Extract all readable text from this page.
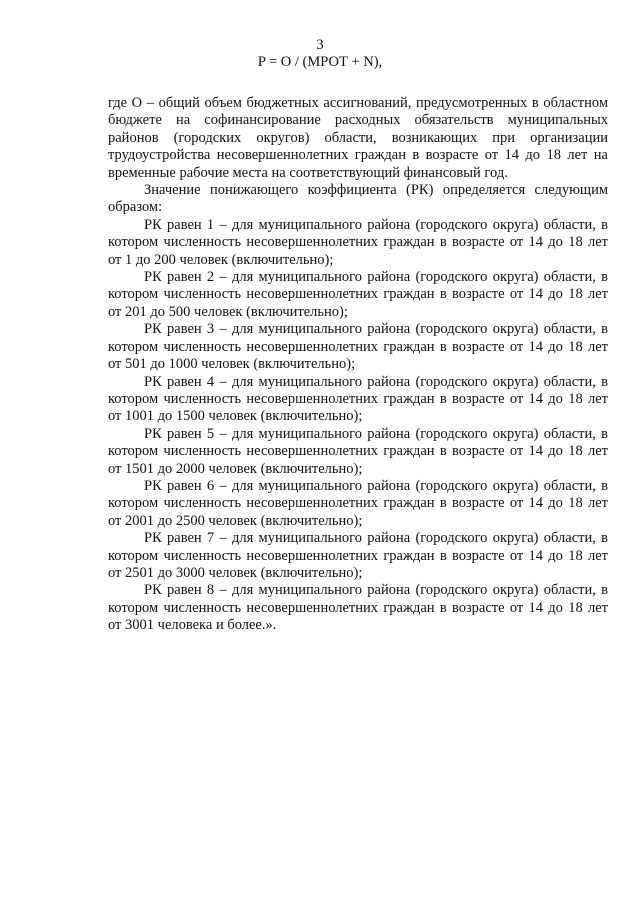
3
P = O / (МРОТ + N),

где О – общий объем бюджетных ассигнований, предусмотренных в областном бюджете на софинансирование расходных обязательств муниципальных районов (городских округов) области, возникающих при организации трудоустройства несовершеннолетних граждан в возрасте от 14 до 18 лет на временные рабочие места на соответствующий финансовый год.

Значение понижающего коэффициента (РК) определяется следующим образом:

РК равен 1 – для муниципального района (городского округа) области, в котором численность несовершеннолетних граждан в возрасте от 14 до 18 лет от 1 до 200 человек (включительно);

РК равен 2 – для муниципального района (городского округа) области, в котором численность несовершеннолетних граждан в возрасте от 14 до 18 лет от 201 до 500 человек (включительно);

РК равен 3 – для муниципального района (городского округа) области, в котором численность несовершеннолетних граждан в возрасте от 14 до 18 лет от 501 до 1000 человек (включительно);

РК равен 4 – для муниципального района (городского округа) области, в котором численность несовершеннолетних граждан в возрасте от 14 до 18 лет от 1001 до 1500 человек (включительно);

РК равен 5 – для муниципального района (городского округа) области, в котором численность несовершеннолетних граждан в возрасте от 14 до 18 лет от 1501 до 2000 человек (включительно);

РК равен 6 – для муниципального района (городского округа) области, в котором численность несовершеннолетних граждан в возрасте от 14 до 18 лет от 2001 до 2500 человек (включительно);

РК равен 7 – для муниципального района (городского округа) области, в котором численность несовершеннолетних граждан в возрасте от 14 до 18 лет от 2501 до 3000 человек (включительно);

РК равен 8 – для муниципального района (городского округа) области, в котором численность несовершеннолетних граждан в возрасте от 14 до 18 лет от 3001 человека и более.».
